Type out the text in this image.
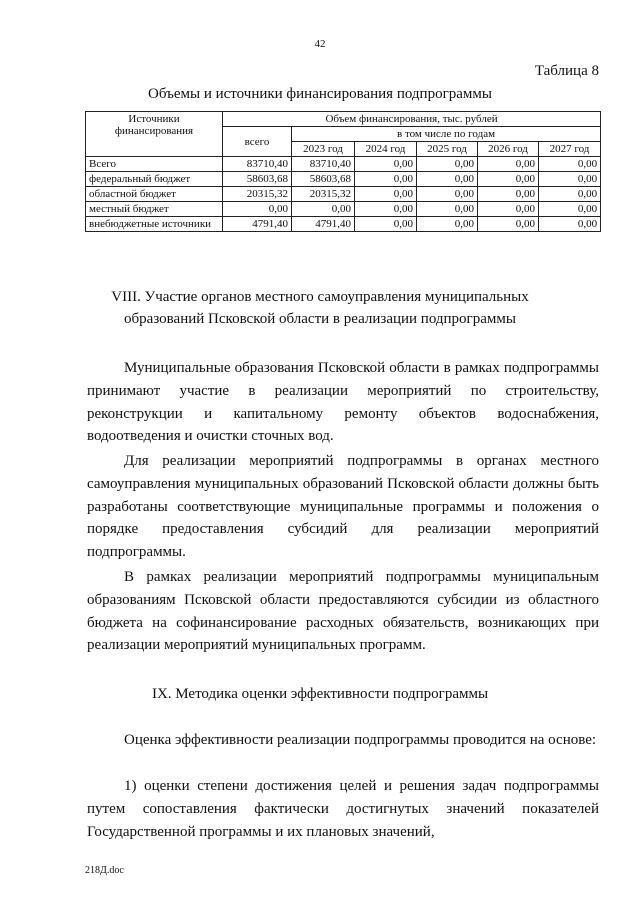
42
Таблица 8
Объемы и источники финансирования подпрограммы
Источники финансирования	Объем финансирования, тыс. рублей					
	всего	в том числе по годам				
		2023 год	2024 год	2025 год	2026 год	2027 год
Всего	83710,40	83710,40	0,00	0,00	0,00	0,00
федеральный бюджет	58603,68	58603,68	0,00	0,00	0,00	0,00
областной бюджет	20315,32	20315,32	0,00	0,00	0,00	0,00
местный бюджет	0,00	0,00	0,00	0,00	0,00	0,00
внебюджетные источники	4791,40	4791,40	0,00	0,00	0,00	0,00
VIII. Участие органов местного самоуправления муниципальных
образований Псковской области в реализации подпрограммы

Муниципальные образования Псковской области в рамках подпрограммы принимают участие в реализации мероприятий по строительству, реконструкции и капитальному ремонту объектов водоснабжения, водоотведения и очистки сточных вод.

Для реализации мероприятий подпрограммы в органах местного самоуправления муниципальных образований Псковской области должны быть разработаны соответствующие муниципальные программы и положения о порядке предоставления субсидий для реализации мероприятий подпрограммы.

В рамках реализации мероприятий подпрограммы муниципальным образованиям Псковской области предоставляются субсидии из областного бюджета на софинансирование расходных обязательств, возникающих при реализации мероприятий муниципальных программ.

IX. Методика оценки эффективности подпрограммы

Оценка эффективности реализации подпрограммы проводится на основе:

1) оценки степени достижения целей и решения задач подпрограммы путем сопоставления фактически достигнутых значений показателей Государственной программы и их плановых значений,

218Д.doc
